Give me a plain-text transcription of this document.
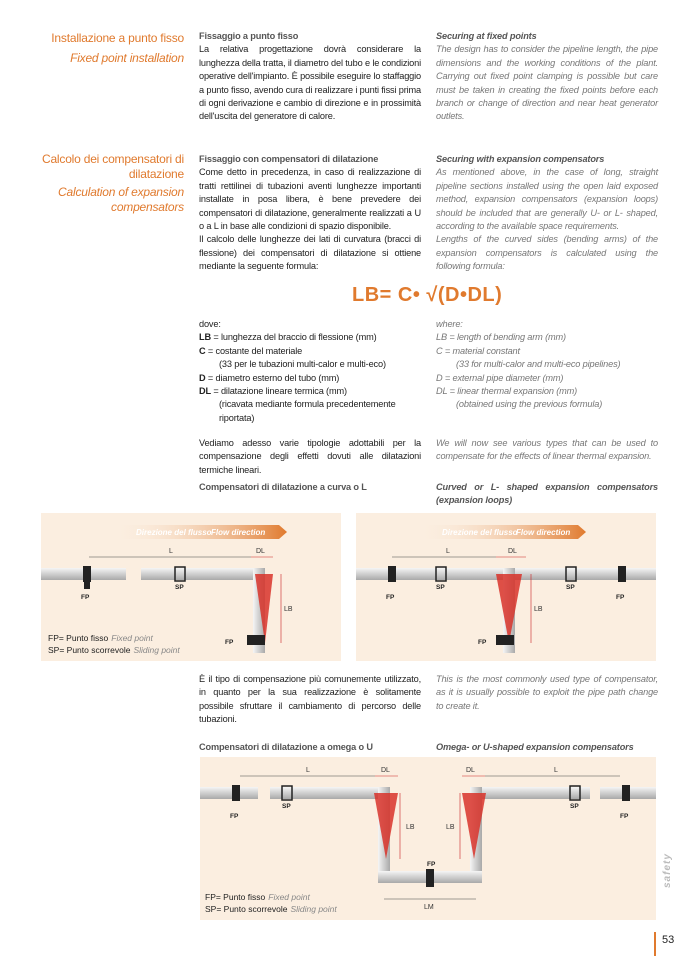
Installazione a punto fisso
Fixed point installation

Fissaggio a punto fisso

La relativa progettazione dovrà considerare la lunghezza della tratta, il diametro del tubo e le condizioni operative dell'impianto. È possibile eseguire lo staffaggio a punto fisso, avendo cura di realizzare i punti fissi prima di ogni derivazione e cambio di direzione e in prossimità dell'uscita del generatore di calore.

Securing at fixed points

The design has to consider the pipeline length, the pipe dimensions and the working conditions of the plant. Carrying out fixed point clamping is possible but care must be taken in creating the fixed points before each branch or change of direction and near heat generator outlets.

Calcolo dei compensatori di dilatazione
Calculation of expansion compensators

Fissaggio con compensatori di dilatazione

Come detto in precedenza, in caso di realizzazione di tratti rettilinei di tubazioni aventi lunghezze importanti installate in posa libera, è bene prevedere dei compensatori di dilatazione, generalmente realizzati a U o a L in base alle condizioni di spazio disponibile.

Il calcolo delle lunghezze dei lati di curvatura (bracci di flessione) dei compensatori di dilatazione si ottiene mediante la seguente formula:

Securing with expansion compensators

As mentioned above, in the case of long, straight pipeline sections installed using the open laid exposed method, expansion compensators (expansion loops) should be included that are generally U- or L- shaped, according to the available space requirements.

Lengths of the curved sides (bending arms) of the expansion compensators is calculated using the following formula:

LB= C• √(D•DL)
dove:
LB = lunghezza del braccio di flessione (mm)
C = costante del materiale
(33 per le tubazioni multi-calor e multi-eco)
D = diametro esterno del tubo (mm)
DL = dilatazione lineare termica (mm)
(ricavata mediante formula precedentemente riportata)
where:
LB = length of bending arm (mm)
C = material constant
(33 for multi-calor and multi-eco pipelines)
D = external pipe diameter (mm)
DL = linear thermal expansion (mm)
(obtained using the previous formula)
Vediamo adesso varie tipologie adottabili per la compensazione degli effetti dovuti alle dilatazioni termiche lineari.
We will now see various types that can be used to compensate for the effects of linear thermal expansion.
Compensatori di dilatazione a curva o L	Curved or L- shaped expansion compensators (expansion loops)
Direzione del flusso Flow direction
L	DL
LB
FP
SP
FP
FP= Punto fisso Fixed point
SP= Punto scorrevole Sliding point
Direzione del flusso
Flow direction
L	DL
LB
FP
SP	SP
FP
FP
È il tipo di compensazione più comunemente utilizzato, in quanto per la sua realizzazione è solitamente possibile sfruttare il cambiamento di percorso delle tubazioni.
This is the most commonly used type of compensator, as it is usually possible to exploit the pipe path change to create it.
Compensatori di dilatazione a omega o U	Omega- or U-shaped expansion compensators
L	DL	DL	L
LB	LB
FP
SP	SP
FP
FP
LM
FP= Punto fisso Fixed point
SP= Punto scorrevole Sliding point
safety
53
